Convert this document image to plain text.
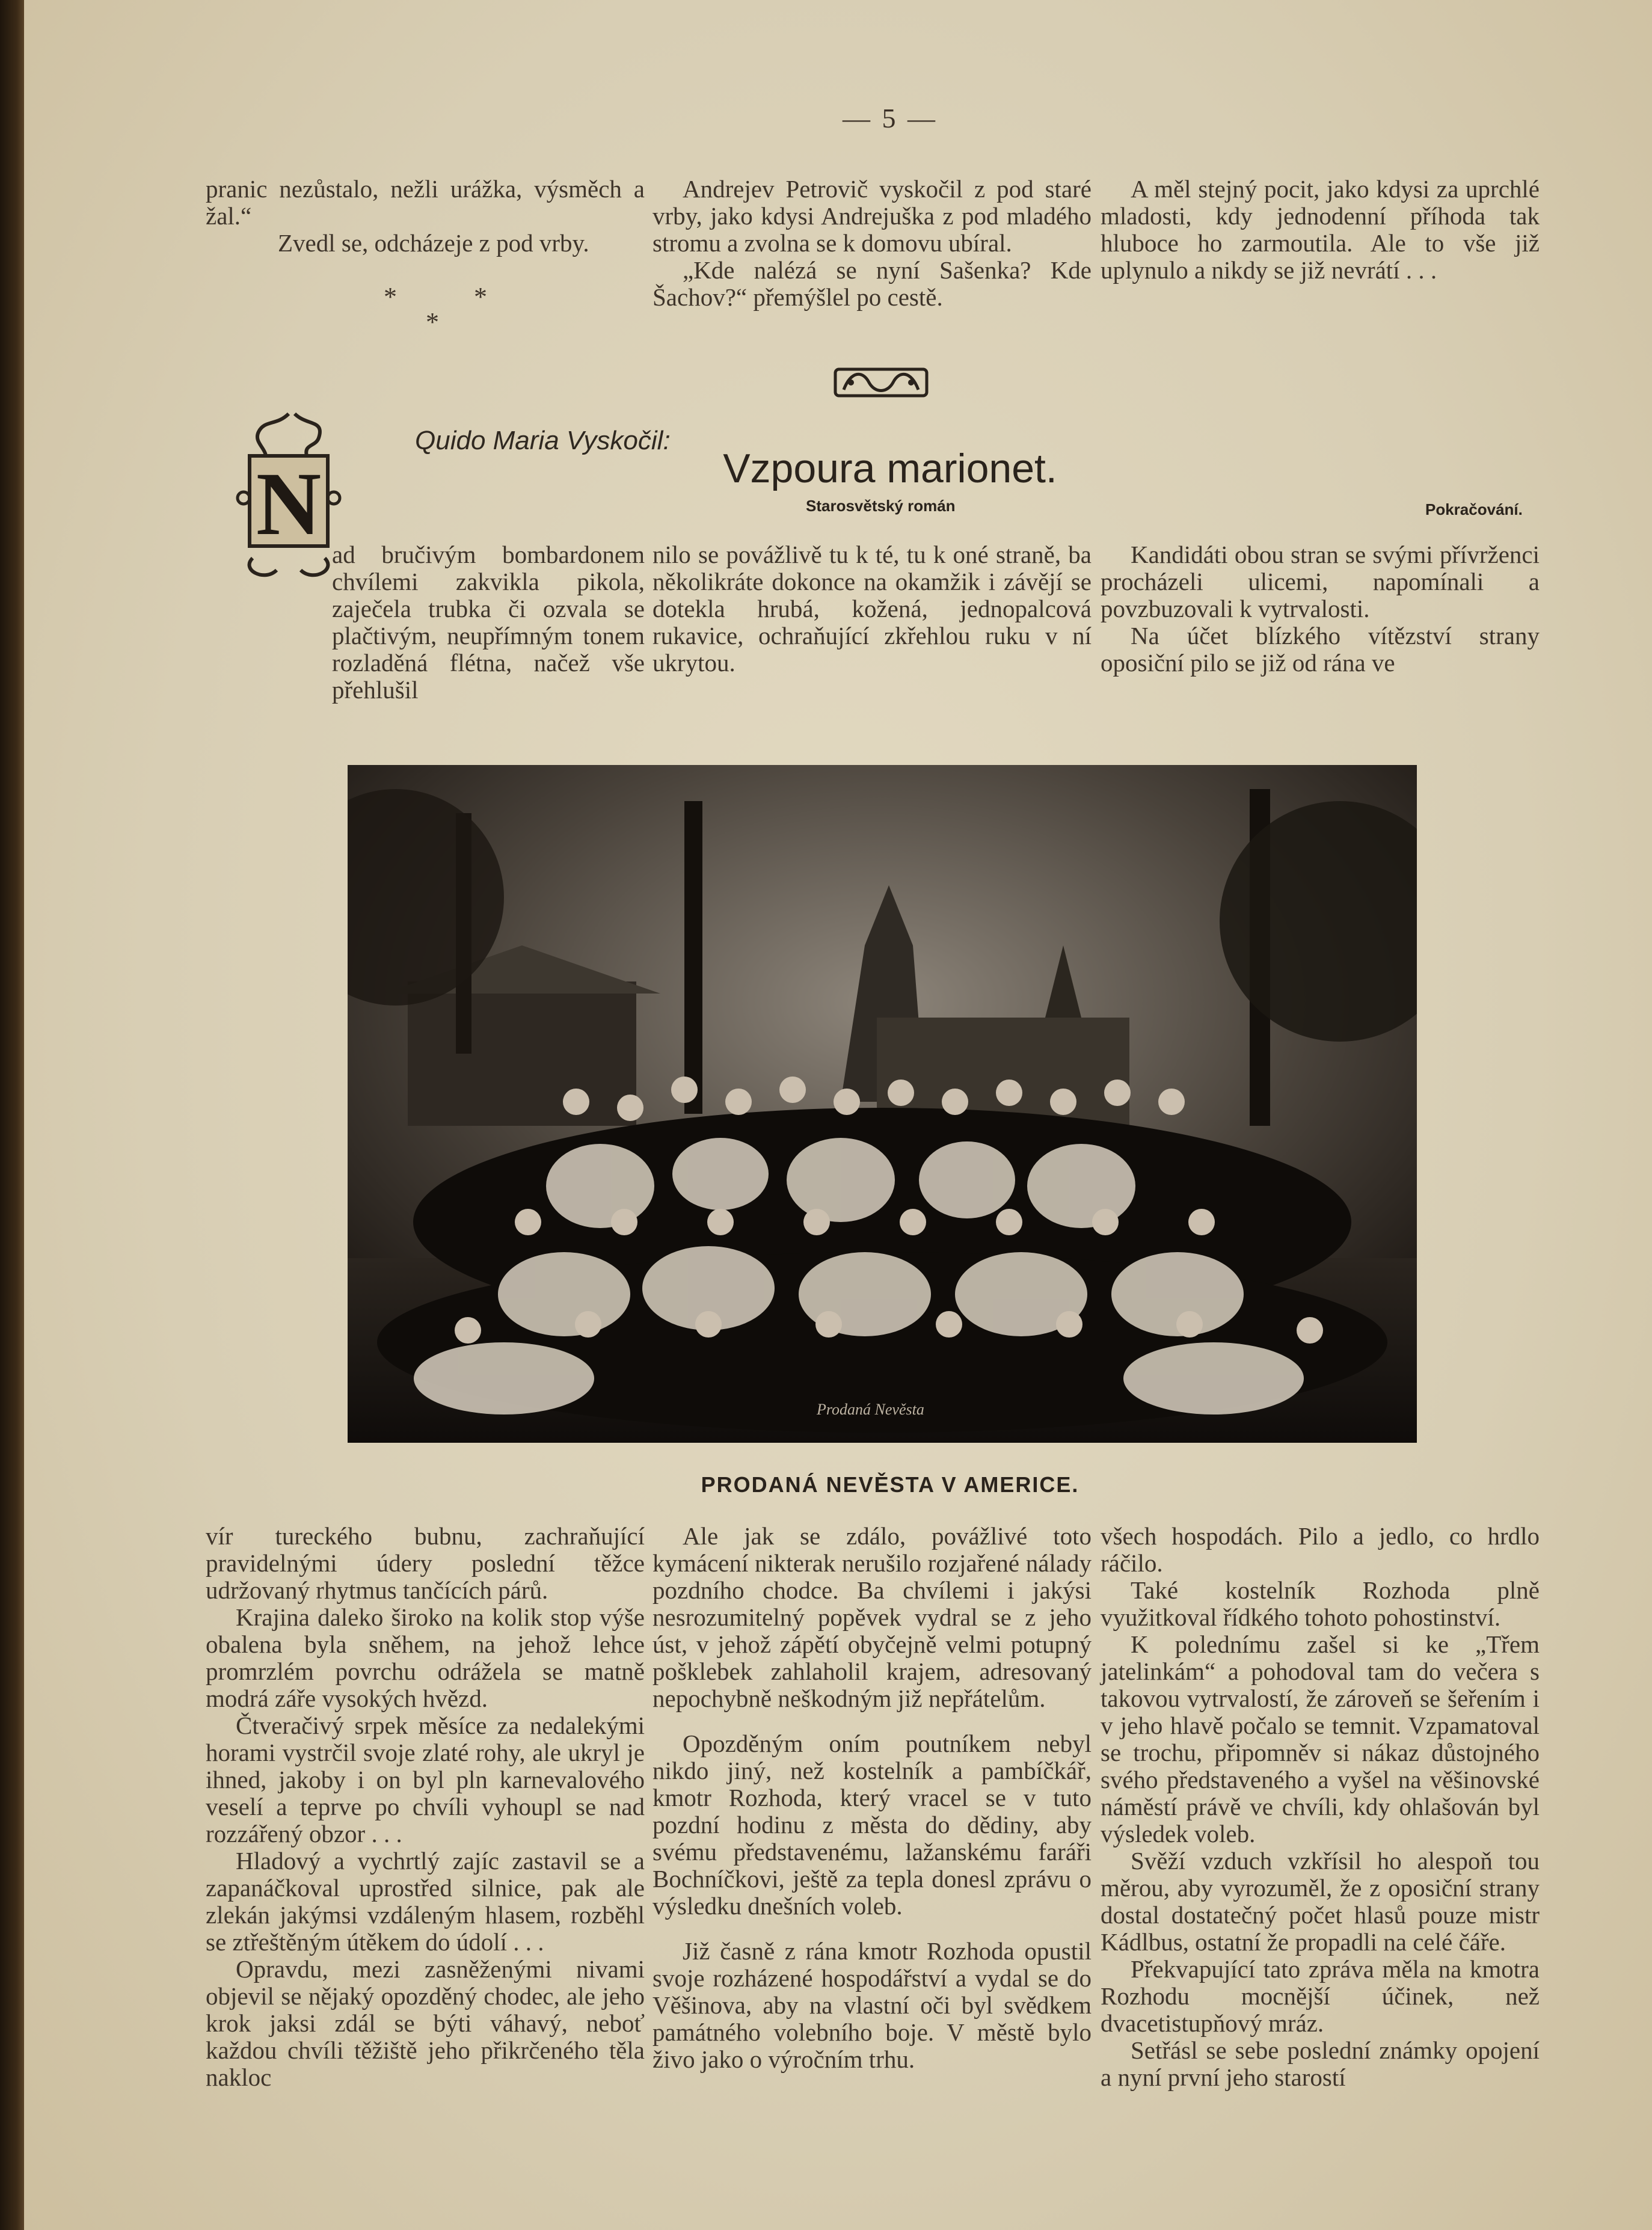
— 5 —

pranic nezůstalo, nežli urážka, výsměch a žal.“

Zvedl se, odcházeje z pod vrby.

*	*
*

Andrejev Petrovič vyskočil z pod staré vrby, jako kdysi Andrejuška z pod mladého stromu a zvolna se k domovu ubíral.

„Kde nalézá se nyní Sašenka? Kde Šachov?“ přemýšlel po cestě.

A měl stejný pocit, jako kdysi za uprchlé mladosti, kdy jednodenní příhoda tak hluboce ho zarmoutila. Ale to vše již uplynulo a nikdy se již nevrátí . . .

Quido Maria Vyskočil:
Vzpoura marionet.
Starosvětský román	Pokračování.
N

ad bručivým bombardonem chvílemi zakvikla pikola, zaječela trubka či ozvala se plačtivým, neupřímným tonem rozladěná flétna, načež vše přehlušil

nilo se povážlivě tu k té, tu k oné straně, ba několikráte dokonce na okamžik i závějí se dotekla hrubá, kožená, jednopalcová rukavice, ochraňující zkřehlou ruku v ní ukrytou.

Kandidáti obou stran se svými přívrženci procházeli ulicemi, napomínali a povzbuzovali k vytrvalosti.

Na účet blízkého vítězství strany oposiční pilo se již od rána ve

Prodaná Nevěsta
PRODANÁ NEVĚSTA V AMERICE.

vír tureckého bubnu, zachraňující pravidelnými údery poslední těžce udržovaný rhytmus tančících párů.

Krajina daleko široko na kolik stop výše obalena byla sněhem, na jehož lehce promrzlém povrchu odrážela se matně modrá záře vysokých hvězd.

Čtveračivý srpek měsíce za nedalekými horami vystrčil svoje zlaté rohy, ale ukryl je ihned, jakoby i on byl pln karnevalového veselí a teprve po chvíli vyhoupl se nad rozzářený obzor . . .

Hladový a vychrtlý zajíc zastavil se a zapanáčkoval uprostřed silnice, pak ale zlekán jakýmsi vzdáleným hlasem, rozběhl se ztřeštěným útěkem do údolí . . .

Opravdu, mezi zasněženými nivami objevil se nějaký opozděný chodec, ale jeho krok jaksi zdál se býti váhavý, neboť každou chvíli těžiště jeho přikrčeného těla nakloc

Ale jak se zdálo, povážlivé toto kymácení nikterak nerušilo rozjařené nálady pozdního chodce. Ba chvílemi i jakýsi nesrozumitelný popěvek vydral se z jeho úst, v jehož zápětí obyčejně velmi potupný pošklebek zahlaholil krajem, adresovaný nepochybně neškodným již nepřátelům.

Opozděným oním poutníkem nebyl nikdo jiný, než kostelník a pambíčkář, kmotr Rozhoda, který vracel se v tuto pozdní hodinu z města do dědiny, aby svému představenému, lažanskému faráři Bochníčkovi, ještě za tepla donesl zprávu o výsledku dnešních voleb.

Již časně z rána kmotr Rozhoda opustil svoje rozházené hospodářství a vydal se do Věšinova, aby na vlastní oči byl svědkem památného volebního boje. V městě bylo živo jako o výročním trhu.

všech hospodách. Pilo a jedlo, co hrdlo ráčilo.

Také kostelník Rozhoda plně využitkoval řídkého tohoto pohostinství.

K polednímu zašel si ke „Třem jatelinkám“ a pohodoval tam do večera s takovou vytrvalostí, že zároveň se šeřením i v jeho hlavě počalo se temnit. Vzpamatoval se trochu, připomněv si nákaz důstojného svého představeného a vyšel na věšinovské náměstí právě ve chvíli, kdy ohlašován byl výsledek voleb.

Svěží vzduch vzkřísil ho alespoň tou měrou, aby vyrozuměl, že z oposiční strany dostal dostatečný počet hlasů pouze mistr Kádlbus, ostatní že propadli na celé čáře.

Překvapující tato zpráva měla na kmotra Rozhodu mocnější účinek, než dvacetistupňový mráz.

Setřásl se sebe poslední známky opojení a nyní první jeho starostí
